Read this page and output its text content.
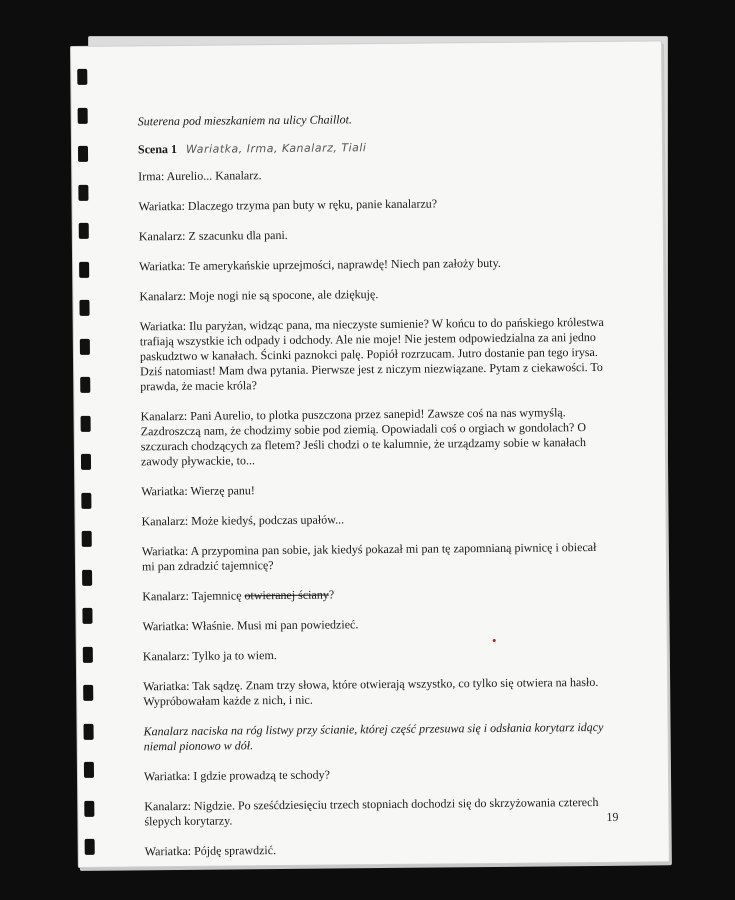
Suterena pod mieszkaniem na ulicy Chaillot.

Scena 1 Wariatka, Irma, Kanalarz, Tiali

Irma: Aurelio... Kanalarz.

Wariatka: Dlaczego trzyma pan buty w ręku, panie kanalarzu?

Kanalarz: Z szacunku dla pani.

Wariatka: Te amerykańskie uprzejmości, naprawdę! Niech pan założy buty.

Kanalarz: Moje nogi nie są spocone, ale dziękuję.

Wariatka: Ilu paryżan, widząc pana, ma nieczyste sumienie? W końcu to do pańskiego królestwa trafiają wszystkie ich odpady i odchody. Ale nie moje! Nie jestem odpowiedzialna za ani jedno paskudztwo w kanałach. Ścinki paznokci palę. Popiół rozrzucam. Jutro dostanie pan tego irysa. Dziś natomiast! Mam dwa pytania. Pierwsze jest z niczym niezwiązane. Pytam z ciekawości. To prawda, że macie króla?

Kanalarz: Pani Aurelio, to plotka puszczona przez sanepid! Zawsze coś na nas wymyślą. Zazdroszczą nam, że chodzimy sobie pod ziemią. Opowiadali coś o orgiach w gondolach? O szczurach chodzących za fletem? Jeśli chodzi o te kalumnie, że urządzamy sobie w kanałach zawody pływackie, to...

Wariatka: Wierzę panu!

Kanalarz: Może kiedyś, podczas upałów...

Wariatka: A przypomina pan sobie, jak kiedyś pokazał mi pan tę zapomnianą piwnicę i obiecał mi pan zdradzić tajemnicę?

Kanalarz: Tajemnicę otwieranej ściany?

Wariatka: Właśnie. Musi mi pan powiedzieć.

Kanalarz: Tylko ja to wiem.

Wariatka: Tak sądzę. Znam trzy słowa, które otwierają wszystko, co tylko się otwiera na hasło. Wypróbowałam każde z nich, i nic.

Kanalarz naciska na róg listwy przy ścianie, której część przesuwa się i odsłania korytarz idący niemal pionowo w dół.

Wariatka: I gdzie prowadzą te schody?

Kanalarz: Nigdzie. Po sześćdziesięciu trzech stopniach dochodzi się do skrzyżowania czterech ślepych korytarzy.

Wariatka: Pójdę sprawdzić.

19
